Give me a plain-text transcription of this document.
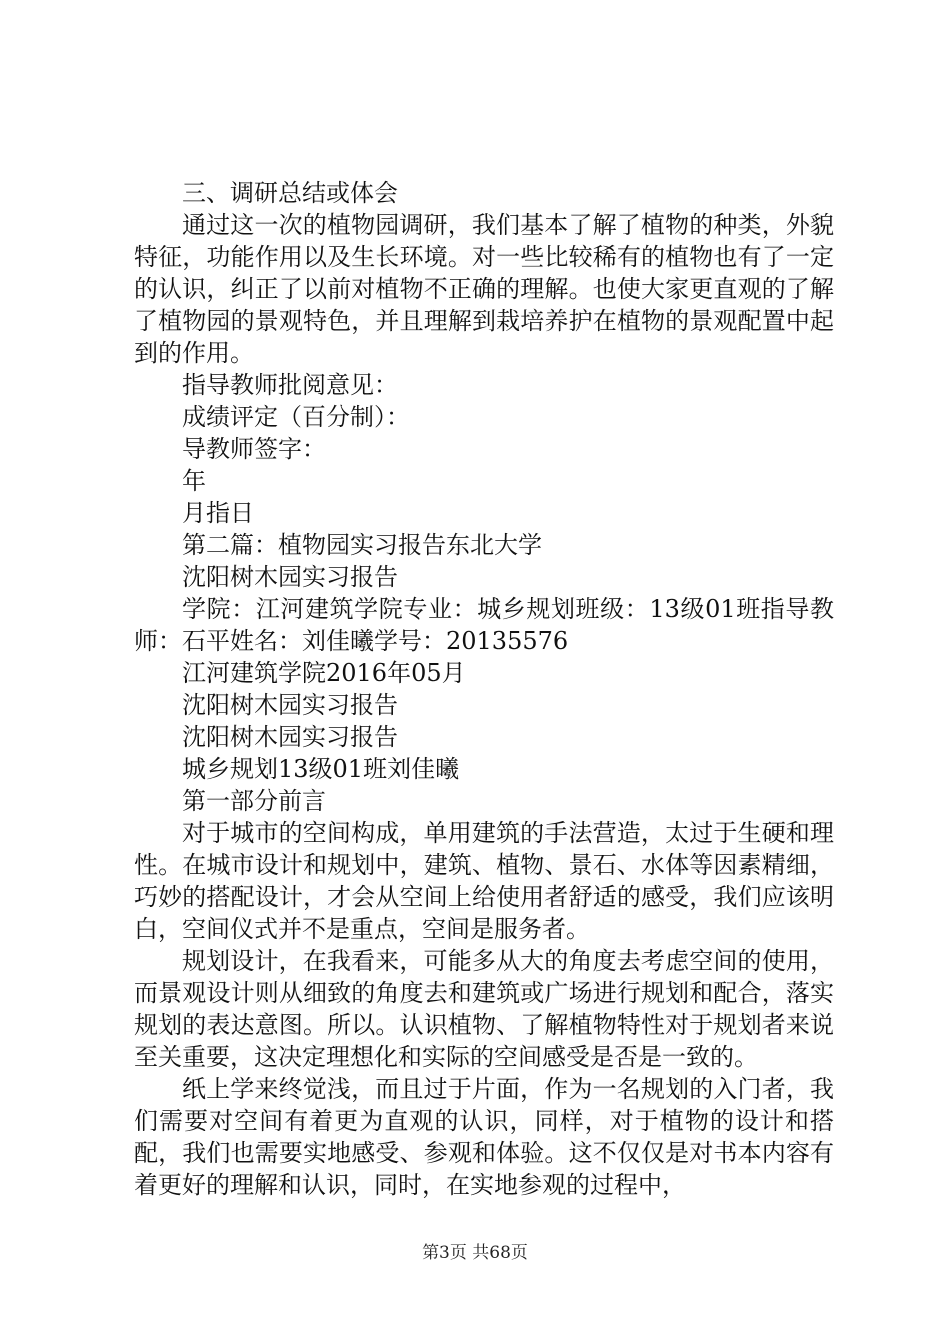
三、调研总结或体会

通过这一次的植物园调研，我们基本了解了植物的种类，外貌特征，功能作用以及生长环境。对一些比较稀有的植物也有了一定的认识，纠正了以前对植物不正确的理解。也使大家更直观的了解了植物园的景观特色，并且理解到栽培养护在植物的景观配置中起到的作用。

指导教师批阅意见：

成绩评定（百分制）：

导教师签字：

年

月指日

第二篇：植物园实习报告东北大学

沈阳树木园实习报告

学院：江河建筑学院专业：城乡规划班级：13级01班指导教师：石平姓名：刘佳曦学号：20135576

江河建筑学院2016年05月

沈阳树木园实习报告

沈阳树木园实习报告

城乡规划13级01班刘佳曦

第一部分前言

对于城市的空间构成，单用建筑的手法营造，太过于生硬和理性。在城市设计和规划中，建筑、植物、景石、水体等因素精细，巧妙的搭配设计，才会从空间上给使用者舒适的感受，我们应该明白，空间仪式并不是重点，空间是服务者。

规划设计，在我看来，可能多从大的角度去考虑空间的使用，而景观设计则从细致的角度去和建筑或广场进行规划和配合，落实规划的表达意图。所以。认识植物、了解植物特性对于规划者来说至关重要，这决定理想化和实际的空间感受是否是一致的。

纸上学来终觉浅，而且过于片面，作为一名规划的入门者，我们需要对空间有着更为直观的认识，同样，对于植物的设计和搭配，我们也需要实地感受、参观和体验。这不仅仅是对书本内容有着更好的理解和认识，同时，在实地参观的过程中，

第3页 共68页
